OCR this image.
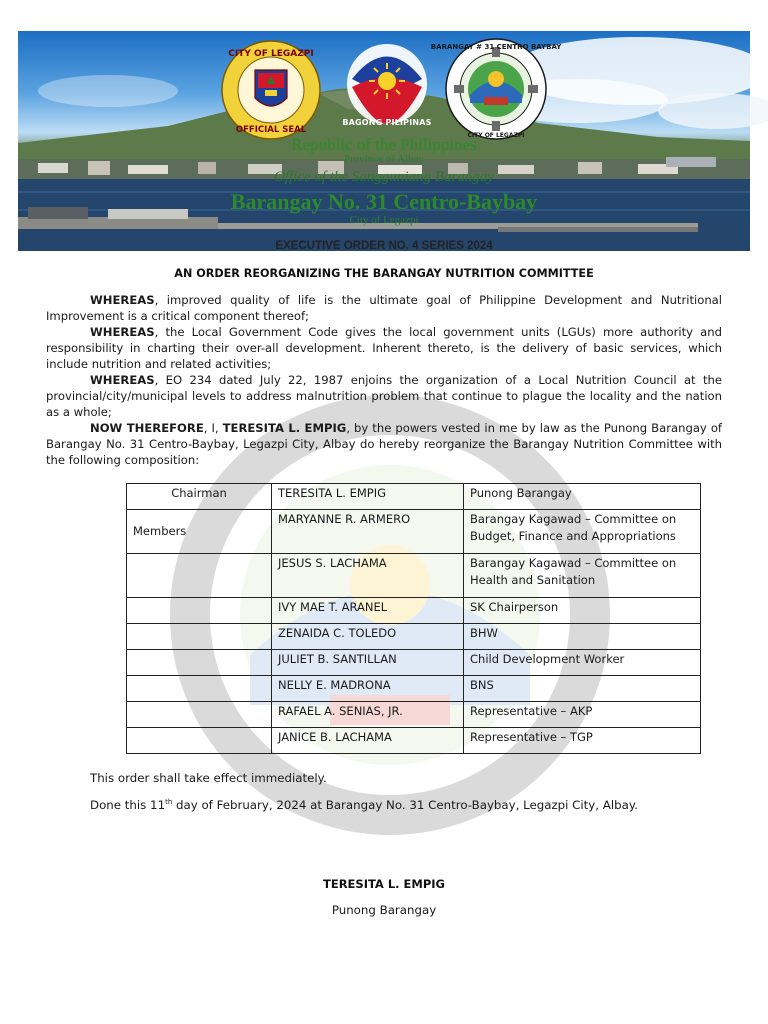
CITY OF LEGAZPI
OFFICIAL SEAL
BAGONG PILIPINAS
CITY OF LEGAZPI
BARANGAY # 31 CENTRO BAYBAY
Republic of the Philippines
Province of Albay
Office of the Sangguniang Barangay
Barangay No. 31 Centro-Baybay
City of Legazpi
EXECUTIVE ORDER NO. 4 SERIES 2024
AN ORDER REORGANIZING THE BARANGAY NUTRITION COMMITTEE

WHEREAS, improved quality of life is the ultimate goal of Philippine Development and Nutritional Improvement is a critical component thereof;

WHEREAS, the Local Government Code gives the local government units (LGUs) more authority and responsibility in charting their over-all development. Inherent thereto, is the delivery of basic services, which include nutrition and related activities;

WHEREAS, EO 234 dated July 22, 1987 enjoins the organization of a Local Nutrition Council at the provincial/city/municipal levels to address malnutrition problem that continue to plague the locality and the nation as a whole;

NOW THEREFORE, I, TERESITA L. EMPIG, by the powers vested in me by law as the Punong Barangay of Barangay No. 31 Centro-Baybay, Legazpi City, Albay do hereby reorganize the Barangay Nutrition Committee with the following composition:

Chairman	TERESITA L. EMPIG	Punong Barangay
Members	MARYANNE R. ARMERO	Barangay Kagawad – Committee on Budget, Finance and Appropriations
	JESUS S. LACHAMA	Barangay Kagawad – Committee on Health and Sanitation
	IVY MAE T. ARANEL	SK Chairperson
	ZENAIDA C. TOLEDO	BHW
	JULIET B. SANTILLAN	Child Development Worker
	NELLY E. MADRONA	BNS
	RAFAEL A. SENIAS, JR.	Representative – AKP
	JANICE B. LACHAMA	Representative – TGP
This order shall take effect immediately.
Done this 11th day of February, 2024 at Barangay No. 31 Centro-Baybay, Legazpi City, Albay.
TERESITA L. EMPIG
Punong Barangay
